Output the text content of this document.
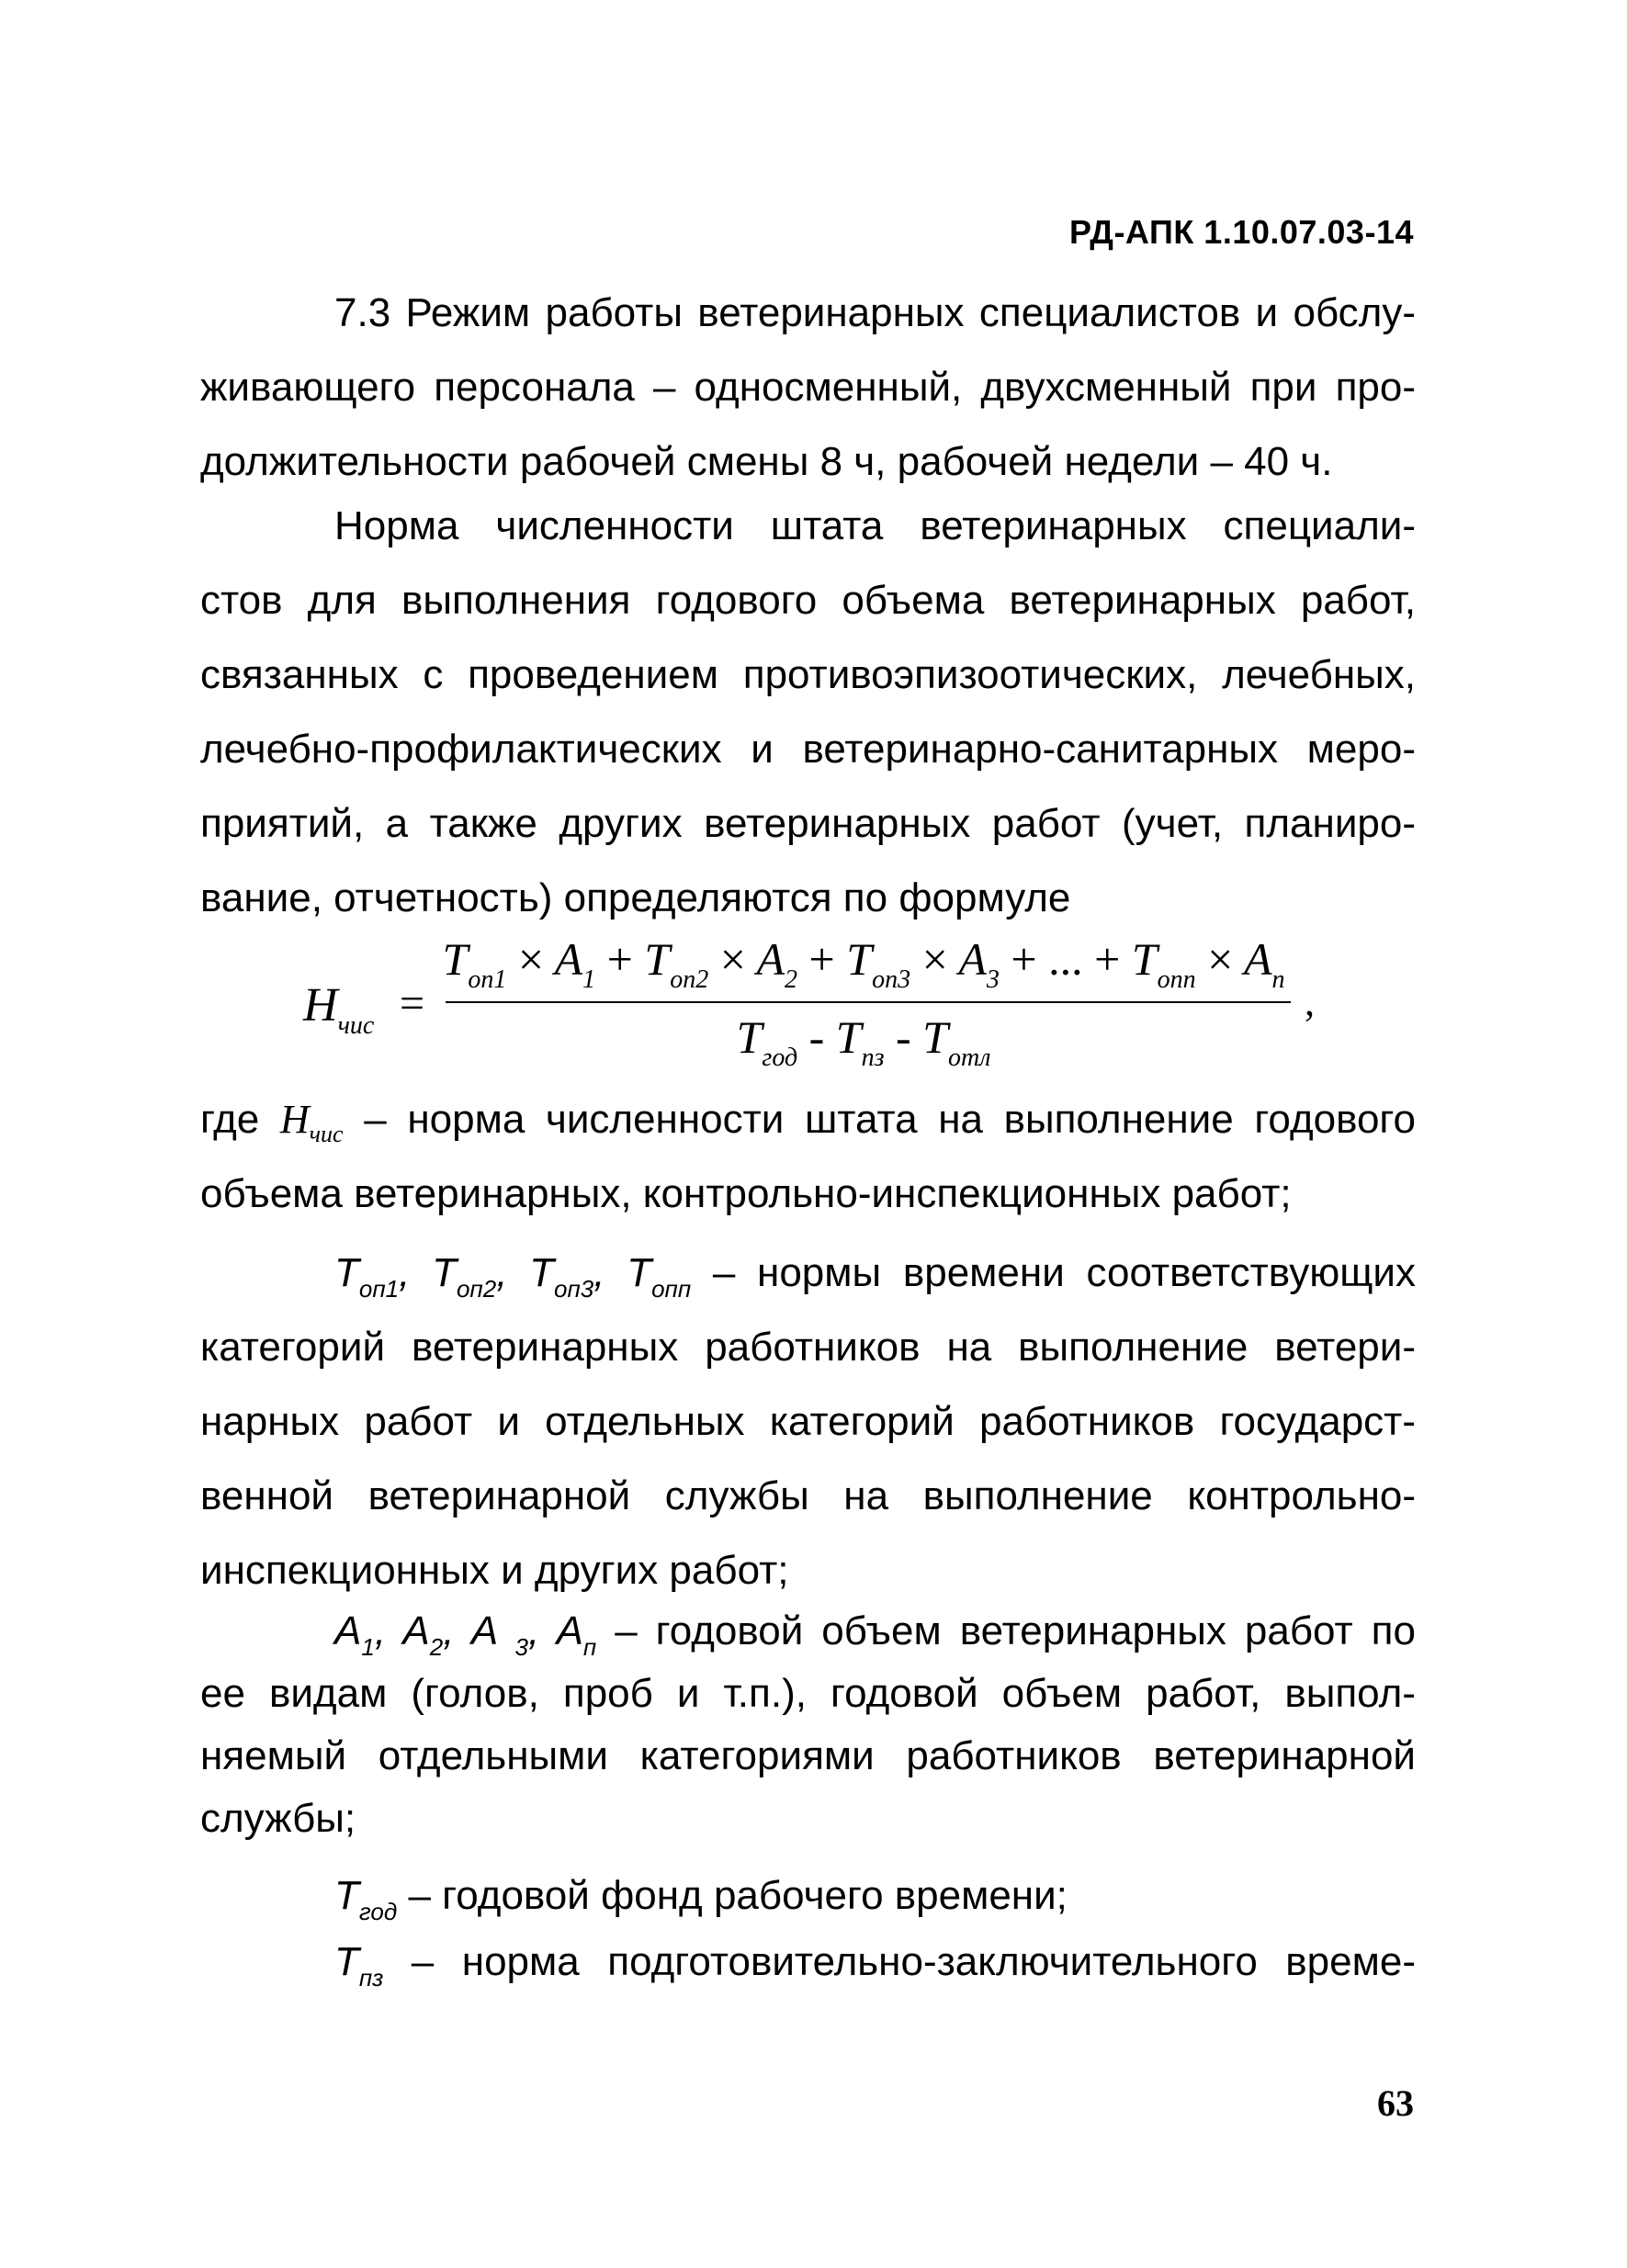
РД-АПК 1.10.07.03-14
7.3 Режим работы ветеринарных специалистов и обслу-
живающего персонала – односменный, двухсменный при про-
должительности рабочей смены 8 ч, рабочей недели – 40 ч.
Норма численности штата ветеринарных специали-
стов для выполнения годового объема ветеринарных работ,
связанных с проведением противоэпизоотических, лечебных,
лечебно-профилактических и ветеринарно-санитарных меро-
приятий, а также других ветеринарных работ (учет, планиро-
вание, отчетность) определяются по формуле
$H_{чис}$ =
$T_{on1} \times A_1 + T_{on2} \times A_2 + T_{on3} \times A_3$ + ... + $T_{onn} \times A_n$
$T_{год} - T_{пз} - T_{отл}$
,
где $H_{чис}$ – норма численности штата на выполнение годового
объема ветеринарных, контрольно-инспекционных работ;
$T_{оп1}$, $T_{оп2}$, $T_{оп3}$, $T_{опп}$ – нормы времени соответствующих
категорий ветеринарных работников на выполнение ветери-
нарных работ и отдельных категорий работников государст-
венной ветеринарной службы на выполнение контрольно-
инспекционных и других работ;
$A_1$, $A_2$, A $_3$, $A_п$ – годовой объем ветеринарных работ по
ее видам (голов, проб и т.п.), годовой объем работ, выпол-
няемый отдельными категориями работников ветеринарной
службы;
$T_{год}$ – годовой фонд рабочего времени;
$T_{пз}$ – норма подготовительно-заключительного време-
63
